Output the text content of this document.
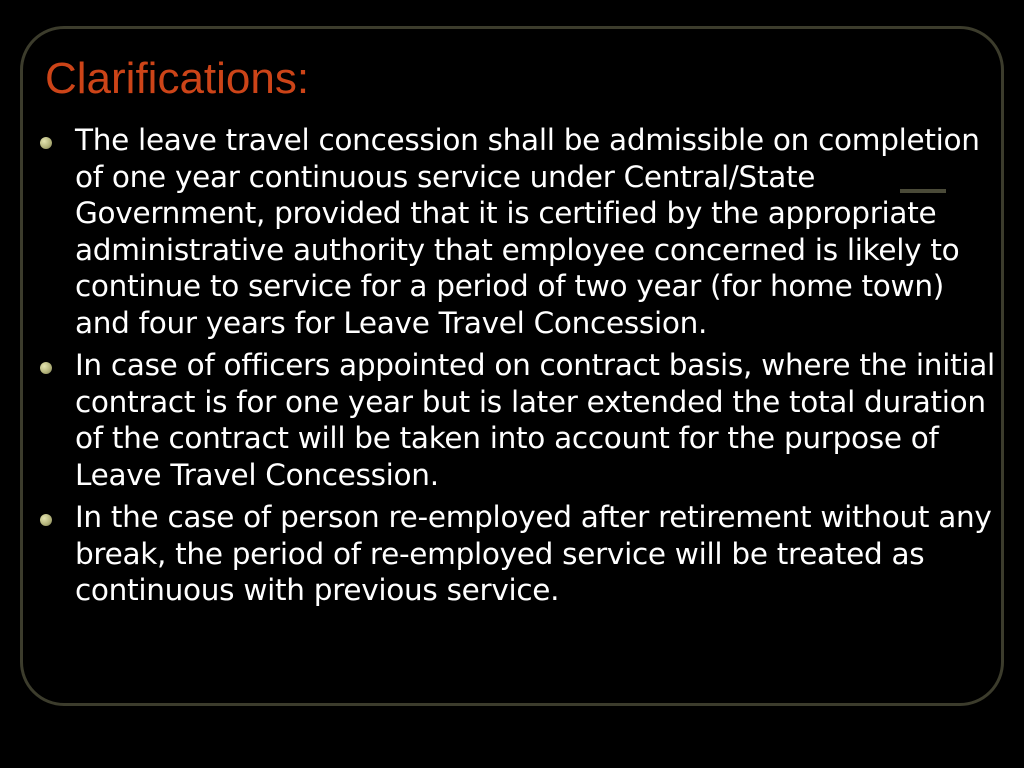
Clarifications:
The leave travel concession shall be admissible on completion of one year continuous service under Central/State Government, provided that it is certified by the appropriate administrative authority that employee concerned is likely to continue to service for a period of two year (for home town) and four years for Leave Travel Concession.
In case of officers appointed on contract basis, where the initial contract is for one year but is later extended the total duration of the contract will be taken into account for the purpose of Leave Travel Concession.
In the case of person re-employed after retirement without any break, the period of re-employed service will be treated as continuous with previous service.
